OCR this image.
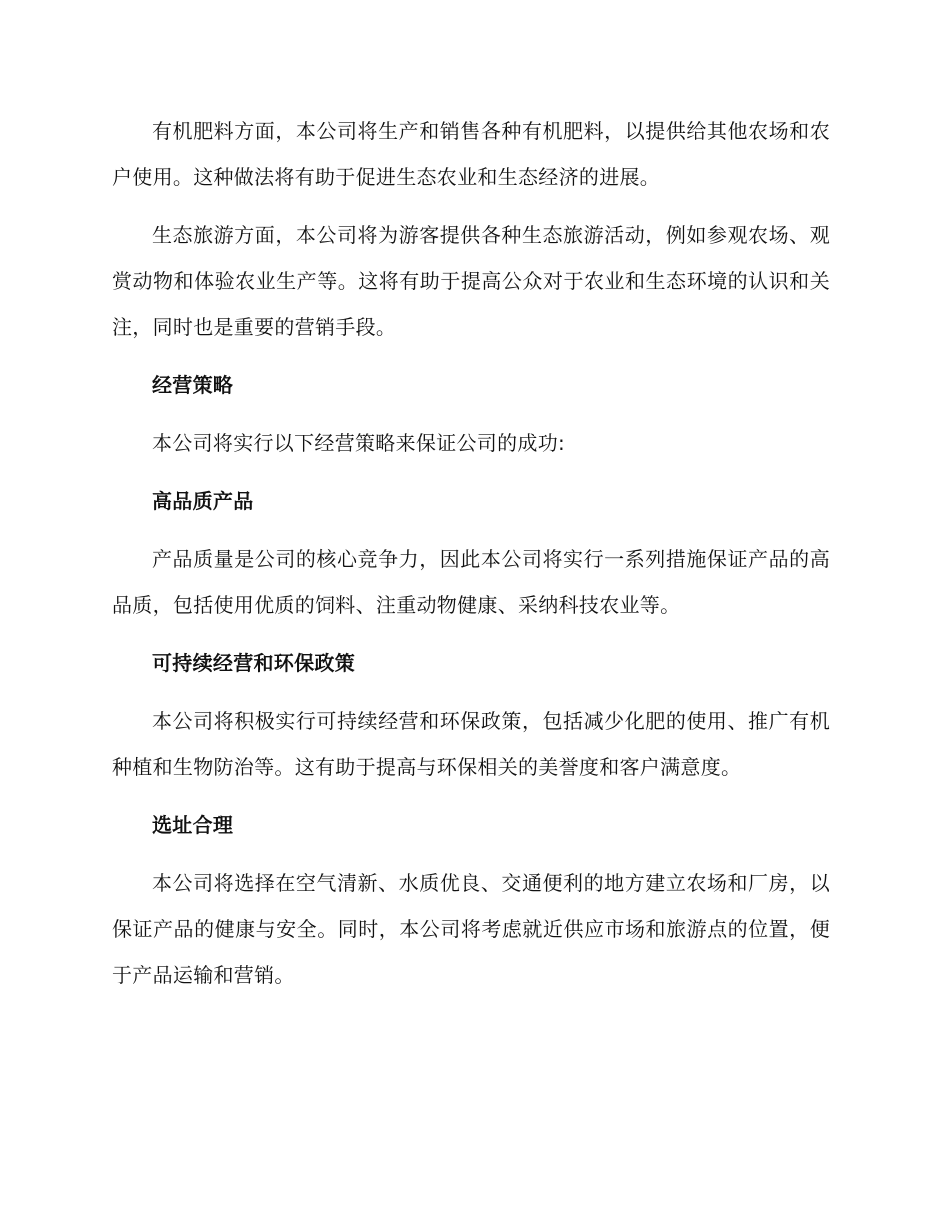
有机肥料方面，本公司将生产和销售各种有机肥料，以提供给其他农场和农户使用。这种做法将有助于促进生态农业和生态经济的进展。

生态旅游方面，本公司将为游客提供各种生态旅游活动，例如参观农场、观赏动物和体验农业生产等。这将有助于提高公众对于农业和生态环境的认识和关注，同时也是重要的营销手段。

经营策略

本公司将实行以下经营策略来保证公司的成功:

高品质产品

产品质量是公司的核心竞争力，因此本公司将实行一系列措施保证产品的高品质，包括使用优质的饲料、注重动物健康、采纳科技农业等。

可持续经营和环保政策

本公司将积极实行可持续经营和环保政策，包括减少化肥的使用、推广有机种植和生物防治等。这有助于提高与环保相关的美誉度和客户满意度。

选址合理

本公司将选择在空气清新、水质优良、交通便利的地方建立农场和厂房，以保证产品的健康与安全。同时，本公司将考虑就近供应市场和旅游点的位置，便于产品运输和营销。
